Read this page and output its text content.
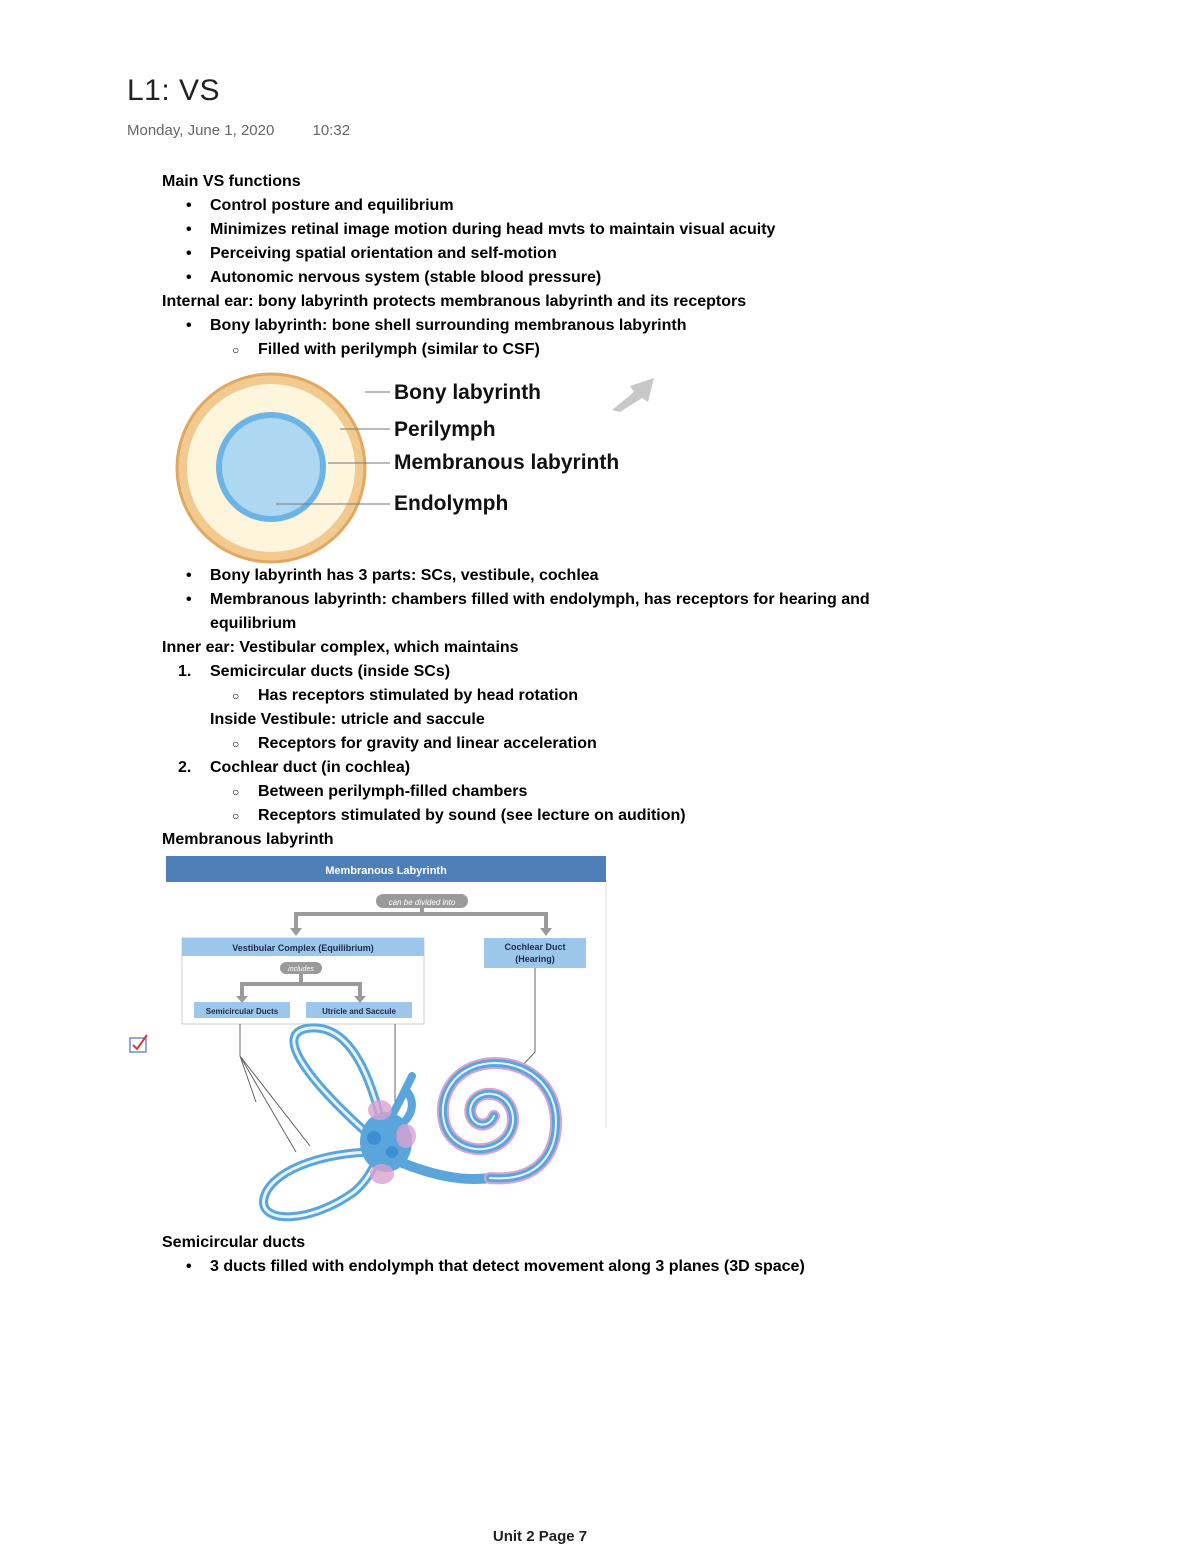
L1: VS
Monday, June 1, 2020	10:32
Main VS functions
• Control posture and equilibrium
• Minimizes retinal image motion during head mvts to maintain visual acuity
• Perceiving spatial orientation and self-motion
• Autonomic nervous system (stable blood pressure)
Internal ear: bony labyrinth protects membranous labyrinth and its receptors
• Bony labyrinth: bone shell surrounding membranous labyrinth
○ Filled with perilymph (similar to CSF)
Bony labyrinth
Perilymph
Membranous labyrinth
Endolymph
• Bony labyrinth has 3 parts: SCs, vestibule, cochlea
• Membranous labyrinth: chambers filled with endolymph, has receptors for hearing and equilibrium
Inner ear: Vestibular complex, which maintains
1. Semicircular ducts (inside SCs)
○ Has receptors stimulated by head rotation
Inside Vestibule: utricle and saccule
○ Receptors for gravity and linear acceleration
2. Cochlear duct (in cochlea)
○ Between perilymph-filled chambers
○ Receptors stimulated by sound (see lecture on audition)
Membranous labyrinth
Membranous Labyrinth
can be divided into
Vestibular Complex (Equilibrium)	Cochlear Duct
(Hearing)
includes
Semicircular Ducts	Utricle and Saccule
Semicircular ducts
• 3 ducts filled with endolymph that detect movement along 3 planes (3D space)
Unit 2 Page 7
